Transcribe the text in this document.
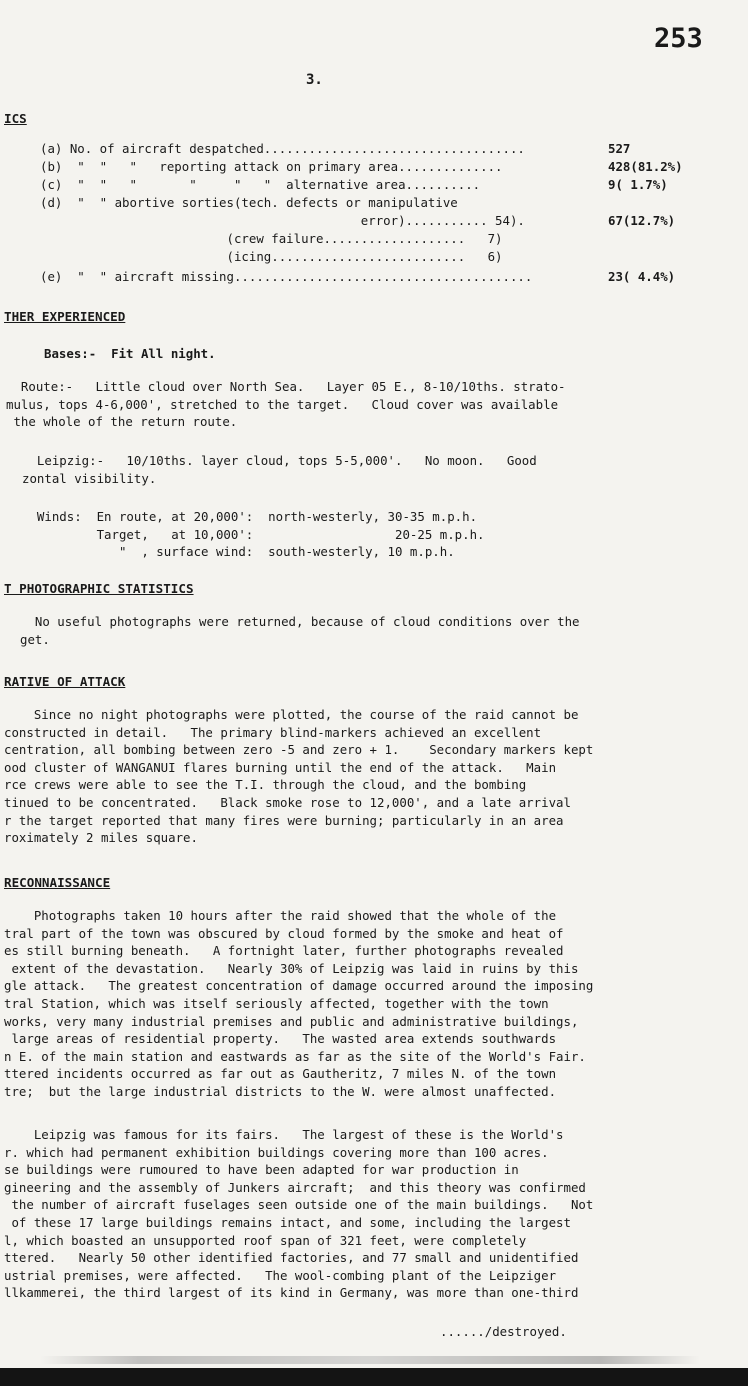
253
3.
ICS
(a) No. of aircraft despatched...................................	527
(b)  "  "   "   reporting attack on primary area..............	428(81.2%)
(c)  "  "   "       "     "   "  alternative area..........	9( 1.7%)
(d)  "  " abortive sorties(tech. defects or manipulative
error)........... 54).	67(12.7%)
(crew failure...................   7)
(icing..........................   6)
(e)  "  " aircraft missing........................................	23( 4.4%)
THER EXPERIENCED
Bases:-  Fit All night.
Route:-   Little cloud over North Sea.   Layer 05 E., 8-10/10ths. strato-
mulus, tops 4-6,000', stretched to the target.   Cloud cover was available
the whole of the return route.
Leipzig:-   10/10ths. layer cloud, tops 5-5,000'.   No moon.   Good
zontal visibility.
Winds:  En route, at 20,000':  north-westerly, 30-35 m.p.h.
Target,   at 10,000':                   20-25 m.p.h.
"  , surface wind:  south-westerly, 10 m.p.h.
T PHOTOGRAPHIC STATISTICS
No useful photographs were returned, because of cloud conditions over the
get.
RATIVE OF ATTACK
Since no night photographs were plotted, the course of the raid cannot be
constructed in detail.   The primary blind-markers achieved an excellent
centration, all bombing between zero -5 and zero + 1.    Secondary markers kept
ood cluster of WANGANUI flares burning until the end of the attack.   Main
rce crews were able to see the T.I. through the cloud, and the bombing
tinued to be concentrated.   Black smoke rose to 12,000', and a late arrival
r the target reported that many fires were burning; particularly in an area
roximately 2 miles square.
RECONNAISSANCE
Photographs taken 10 hours after the raid showed that the whole of the
tral part of the town was obscured by cloud formed by the smoke and heat of
es still burning beneath.   A fortnight later, further photographs revealed
extent of the devastation.   Nearly 30% of Leipzig was laid in ruins by this
gle attack.   The greatest concentration of damage occurred around the imposing
tral Station, which was itself seriously affected, together with the town
works, very many industrial premises and public and administrative buildings,
large areas of residential property.   The wasted area extends southwards
n E. of the main station and eastwards as far as the site of the World's Fair.
ttered incidents occurred as far out as Gautheritz, 7 miles N. of the town
tre;  but the large industrial districts to the W. were almost unaffected.
Leipzig was famous for its fairs.   The largest of these is the World's
r. which had permanent exhibition buildings covering more than 100 acres.
se buildings were rumoured to have been adapted for war production in
gineering and the assembly of Junkers aircraft;  and this theory was confirmed
the number of aircraft fuselages seen outside one of the main buildings.   Not
of these 17 large buildings remains intact, and some, including the largest
l, which boasted an unsupported roof span of 321 feet, were completely
ttered.   Nearly 50 other identified factories, and 77 small and unidentified
ustrial premises, were affected.   The wool-combing plant of the Leipziger
llkammerei, the third largest of its kind in Germany, was more than one-third
....../destroyed.
